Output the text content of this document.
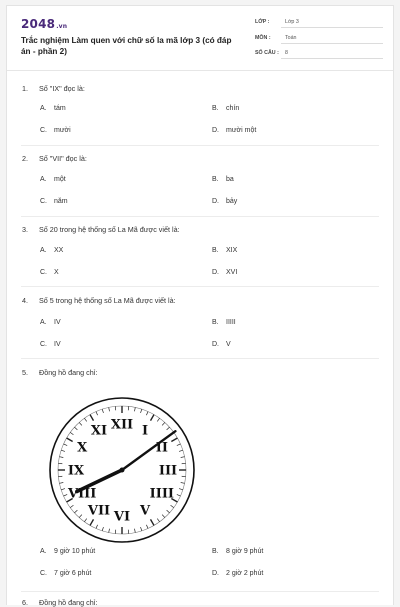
2048.vn
Trắc nghiệm Làm quen với chữ số la mã lớp 3 (có đáp án - phần 2)
LỚP :	Lớp 3
MÔN :	Toán
SỐ CÂU : 8
1. Số "IX" đọc là:
A. tám	B. chín
C. mười	D. mười một
2. Số "VII" đọc là:
A. một	B. ba
C. năm	D. bảy
3. Số 20 trong hệ thống số La Mã được viết là:
A. XX	B. XIX
C. X	D. XVI
4. Số 5 trong hệ thống số La Mã được viết là:
A. IV	B. IIIII
C. IV	D. V
5. Đồng hồ đang chỉ:
XII I
II
III
IIII
V
VI
VII
VIII
IX
X
XI
A. 9 giờ 10 phút	B. 8 giờ 9 phút
C. 7 giờ 6 phút	D. 2 giờ 2 phút
6. Đồng hồ đang chỉ:
